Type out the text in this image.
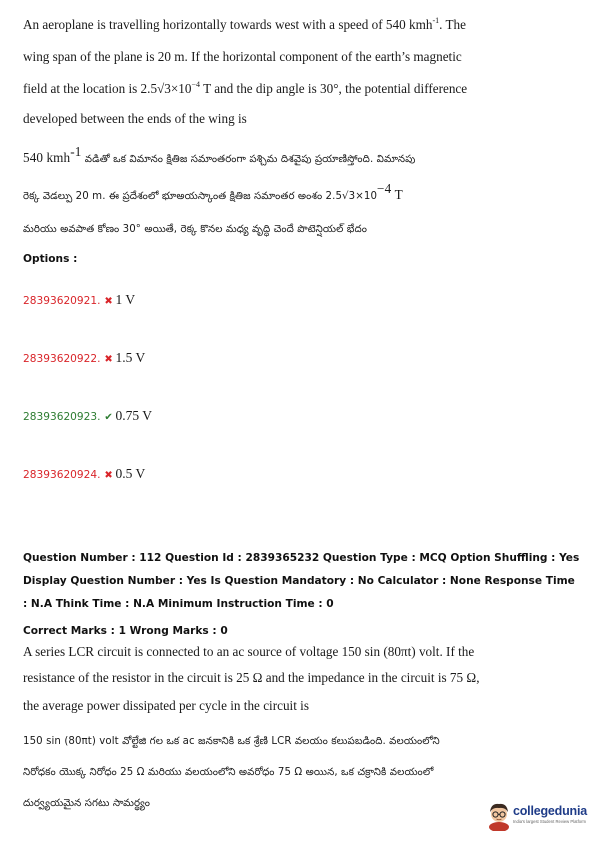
An aeroplane is travelling horizontally towards west with a speed of 540 kmh$^{-1}$. The
wing span of the plane is 20 m. If the horizontal component of the earth’s magnetic
field at the location is $2.5√3\times 10^{-4}$ T and the dip angle is 30°, the potential difference
developed between the ends of the wing is
540 kmh$^{-1}$ వడితో ఒక విమానం క్షితిజ సమాంతరంగా పశ్చిమ దిశవైపు ప్రయాణిస్తోంది. విమానపు
రెక్క వెడల్పు 20 m. ఈ ప్రదేశంలో భూఅయస్కాంత క్షితిజ సమాంతర అంశం $2.5√3\times 10^{-4}$ T
మరియు అవపాత కోణం 30° అయితే, రెక్క కొనల మధ్య వృద్ధి చెందే పొటెన్షియల్ భేదం
Options :
28393620921. ✖ 1 V
28393620922. ✖ 1.5 V
28393620923. ✔ 0.75 V
28393620924. ✖ 0.5 V
Question Number : 112 Question Id : 2839365232 Question Type : MCQ Option Shuffling : Yes
Display Question Number : Yes Is Question Mandatory : No Calculator : None Response Time
: N.A Think Time : N.A Minimum Instruction Time : 0
Correct Marks : 1 Wrong Marks : 0
A series LCR circuit is connected to an ac source of voltage 150 sin (80πt) volt. If the
resistance of the resistor in the circuit is 25 Ω and the impedance in the circuit is 75 Ω,
the average power dissipated per cycle in the circuit is
150 sin (80πt) volt వోల్టేజి గల ఒక ac జనకానికి ఒక శ్రేణి LCR వలయం కలుపబడింది. వలయంలోని
నిరోధకం యొక్క నిరోధం 25 Ω మరియు వలయంలోని అవరోధం 75 Ω అయిన, ఒక చక్రానికి వలయంలో
దుర్వ్యయమైన సగటు సామర్థ్యం
collegedunia
India's largest Student Review Platform
